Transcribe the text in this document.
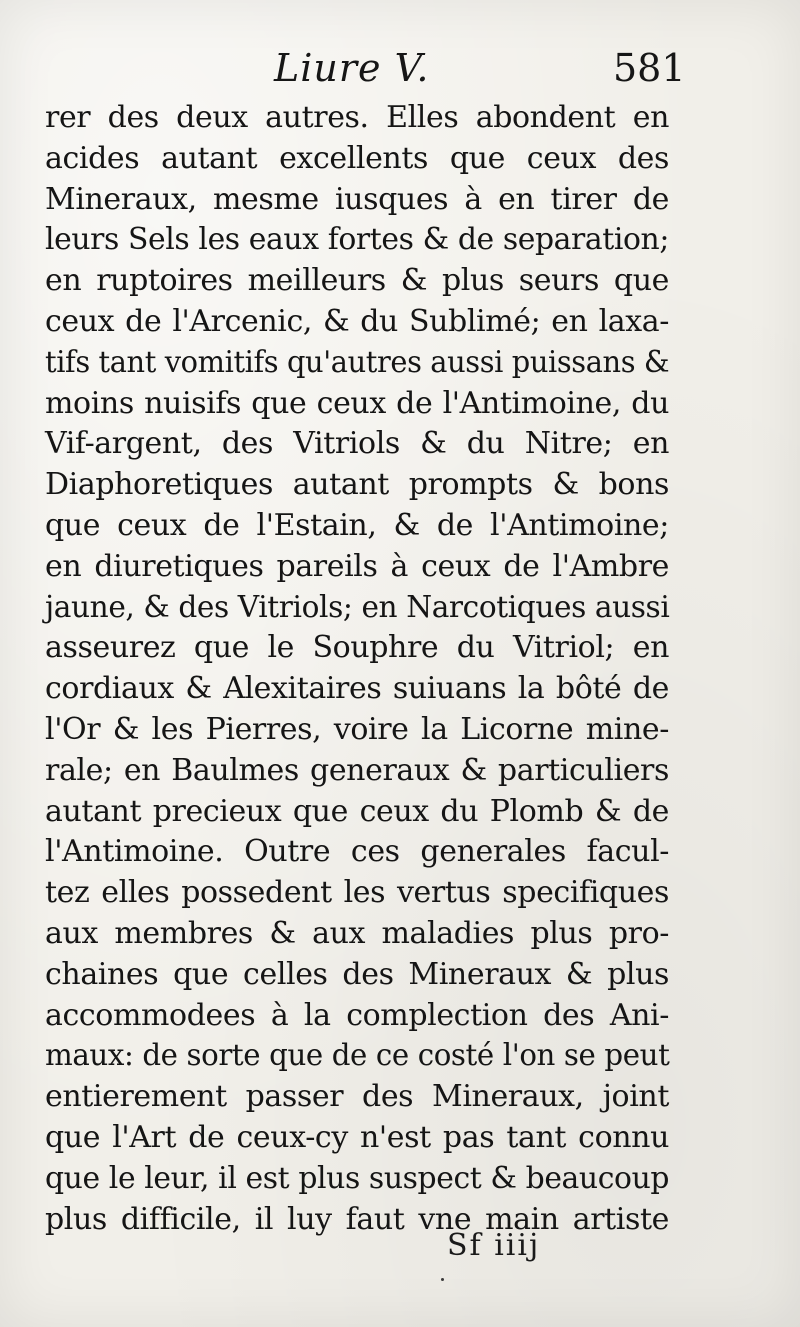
Liure V.	581
rer des deux autres. Elles abondent en
acides autant excellents que ceux des
Mineraux, mesme iusques à en tirer de
leurs Sels les eaux fortes & de separation;
en ruptoires meilleurs & plus seurs que
ceux de l'Arcenic, & du Sublimé; en laxa-
tifs tant vomitifs qu'autres aussi puissans &
moins nuisifs que ceux de l'Antimoine, du
Vif-argent, des Vitriols & du Nitre; en
Diaphoretiques autant prompts & bons
que ceux de l'Estain, & de l'Antimoine;
en diuretiques pareils à ceux de l'Ambre
jaune, & des Vitriols; en Narcotiques aussi
asseurez que le Souphre du Vitriol; en
cordiaux & Alexitaires suiuans la bôté de
l'Or & les Pierres, voire la Licorne mine-
rale; en Baulmes generaux & particuliers
autant precieux que ceux du Plomb & de
l'Antimoine. Outre ces generales facul-
tez elles possedent les vertus specifiques
aux membres & aux maladies plus pro-
chaines que celles des Mineraux & plus
accommodees à la complection des Ani-
maux: de sorte que de ce costé l'on se peut
entierement passer des Mineraux, joint
que l'Art de ceux-cy n'est pas tant connu
que le leur, il est plus suspect & beaucoup
plus difficile, il luy faut vne main artiste
Sf iiij
